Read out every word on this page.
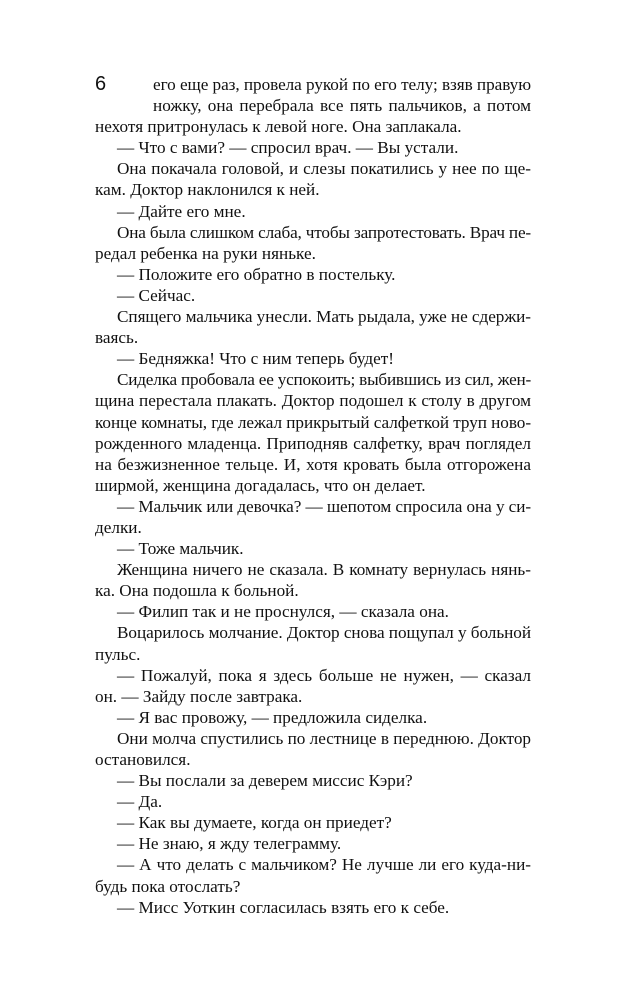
6	его еще раз, провела рукой по его телу; взяв правую
ножку, она перебрала все пять пальчиков, а потом
нехотя притронулась к левой ноге. Она заплакала.
— Что с вами? — спросил врач. — Вы устали.
Она покачала головой, и слезы покатились у нее по ще-
кам. Доктор наклонился к ней.
— Дайте его мне.
Она была слишком слаба, чтобы запротестовать. Врач пе-
редал ребенка на руки няньке.
— Положите его обратно в постельку.
— Сейчас.
Спящего мальчика унесли. Мать рыдала, уже не сдержи-
ваясь.
— Бедняжка! Что с ним теперь будет!
Сиделка пробовала ее успокоить; выбившись из сил, жен-
щина перестала плакать. Доктор подошел к столу в другом
конце комнаты, где лежал прикрытый салфеткой труп ново-
рожденного младенца. Приподняв салфетку, врач поглядел
на безжизненное тельце. И, хотя кровать была отгорожена
ширмой, женщина догадалась, что он делает.
— Мальчик или девочка? — шепотом спросила она у си-
делки.
— Тоже мальчик.
Женщина ничего не сказала. В комнату вернулась нянь-
ка. Она подошла к больной.
— Филип так и не проснулся, — сказала она.
Воцарилось молчание. Доктор снова пощупал у больной
пульс.
— Пожалуй, пока я здесь больше не нужен, — сказал
он. — Зайду после завтрака.
— Я вас провожу, — предложила сиделка.
Они молча спустились по лестнице в переднюю. Доктор
остановился.
— Вы послали за деверем миссис Кэри?
— Да.
— Как вы думаете, когда он приедет?
— Не знаю, я жду телеграмму.
— А что делать с мальчиком? Не лучше ли его куда-ни-
будь пока отослать?
— Мисс Уоткин согласилась взять его к себе.
